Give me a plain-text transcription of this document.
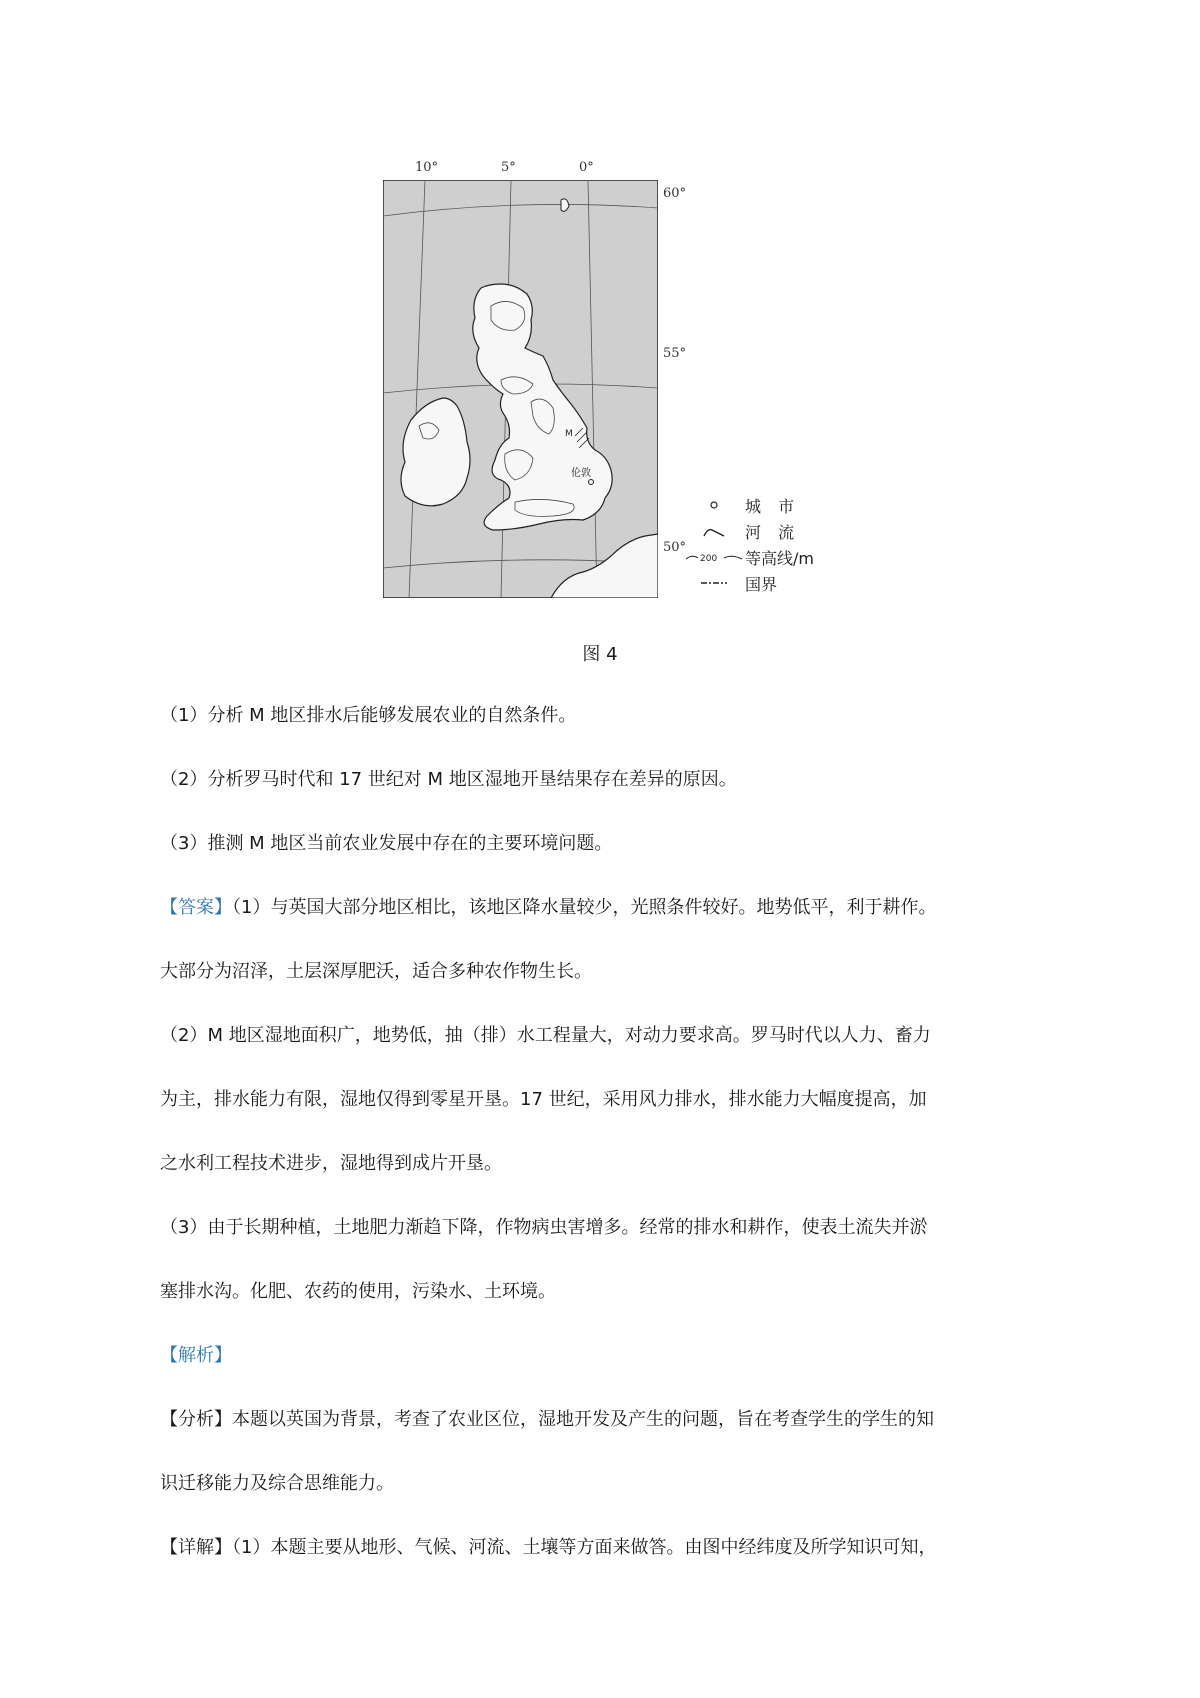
10°	5°	0°
M
伦敦
60°
55°
50°
城 市
河 流
200 等高线/m
国界
图 4
（1）分析 M 地区排水后能够发展农业的自然条件。
（2）分析罗马时代和 17 世纪对 M 地区湿地开垦结果存在差异的原因。
（3）推测 M 地区当前农业发展中存在的主要环境问题。
【答案】（1）与英国大部分地区相比，该地区降水量较少，光照条件较好。地势低平，利于耕作。
大部分为沼泽，土层深厚肥沃，适合多种农作物生长。
（2）M 地区湿地面积广，地势低，抽（排）水工程量大，对动力要求高。罗马时代以人力、畜力
为主，排水能力有限，湿地仅得到零星开垦。17 世纪，采用风力排水，排水能力大幅度提高，加
之水利工程技术进步，湿地得到成片开垦。
（3）由于长期种植，土地肥力渐趋下降，作物病虫害增多。经常的排水和耕作，使表土流失并淤
塞排水沟。化肥、农药的使用，污染水、土环境。
【解析】
【分析】本题以英国为背景，考查了农业区位，湿地开发及产生的问题，旨在考查学生的学生的知
识迁移能力及综合思维能力。
【详解】（1）本题主要从地形、气候、河流、土壤等方面来做答。由图中经纬度及所学知识可知，
